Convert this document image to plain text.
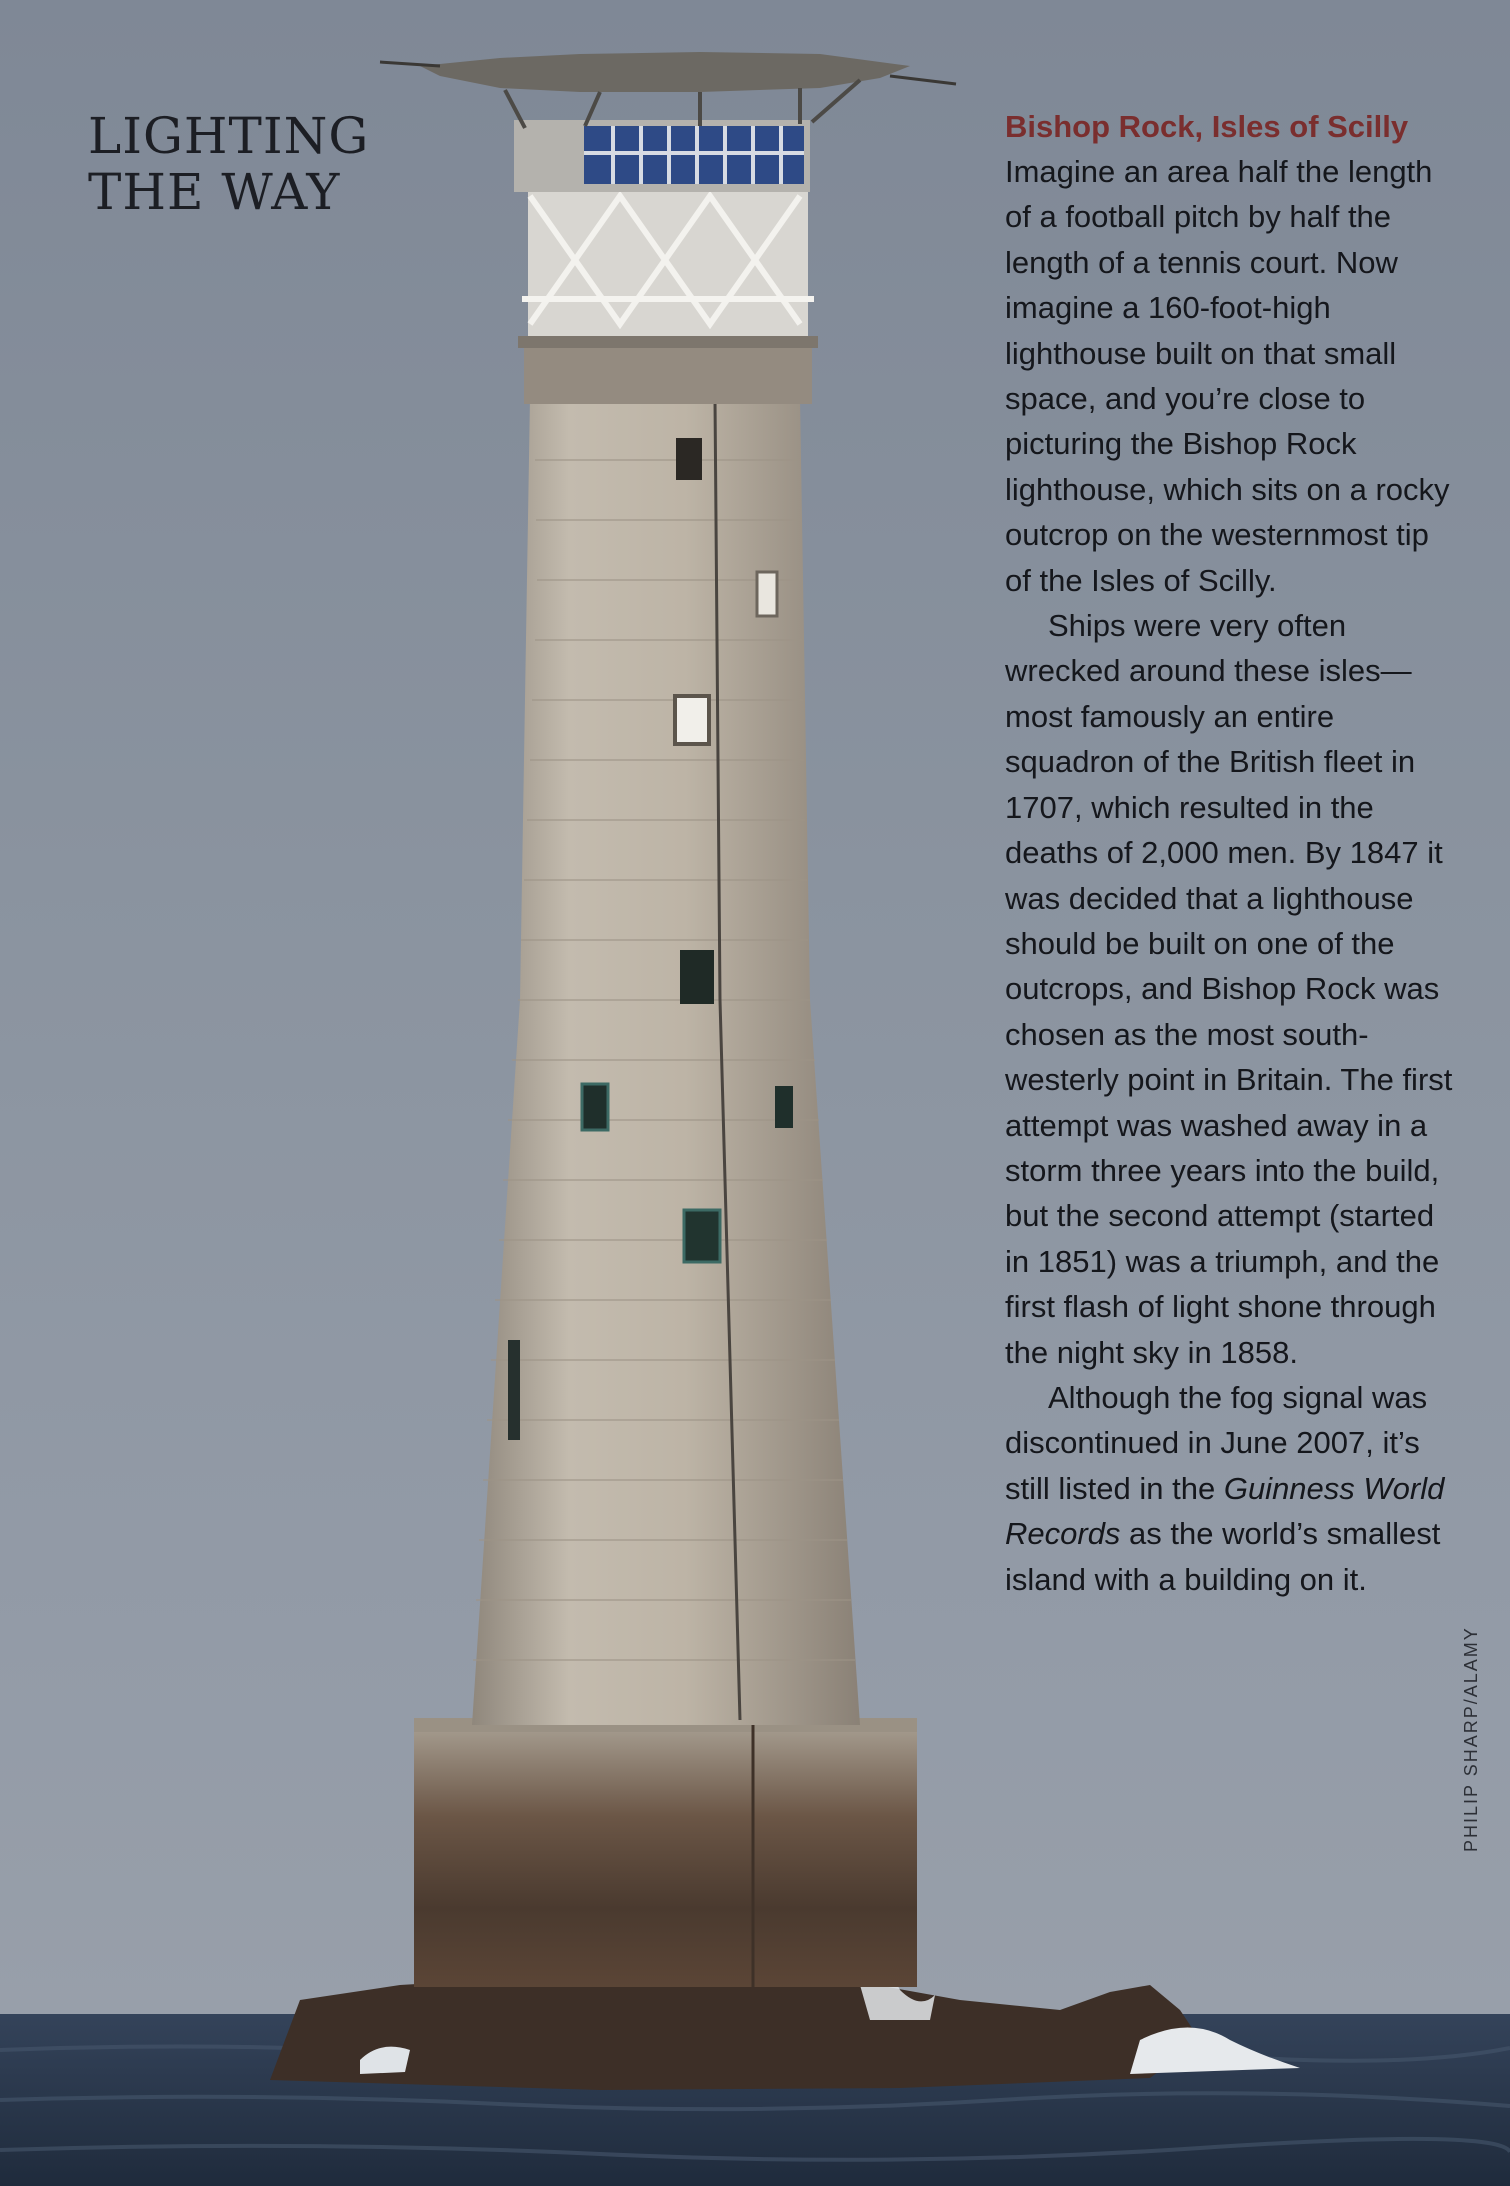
LIGHTING
THE WAY

Bishop Rock, Isles of Scilly

Imagine an area half the length of a football pitch by half the length of a tennis court. Now imagine a 160-foot-high lighthouse built on that small space, and you’re close to picturing the Bishop Rock lighthouse, which sits on a rocky outcrop on the westernmost tip of the Isles of Scilly.

Ships were very often wrecked around these isles—most famously an entire squadron of the British fleet in 1707, which resulted in the deaths of 2,000 men. By 1847 it was decided that a lighthouse should be built on one of the outcrops, and Bishop Rock was chosen as the most south-westerly point in Britain. The first attempt was washed away in a storm three years into the build, but the second attempt (started in 1851) was a triumph, and the first flash of light shone through the night sky in 1858.

Although the fog signal was discontinued in June 2007, it’s still listed in the Guinness World Records as the world’s smallest island with a building on it.

PHILIP SHARP/ALAMY
